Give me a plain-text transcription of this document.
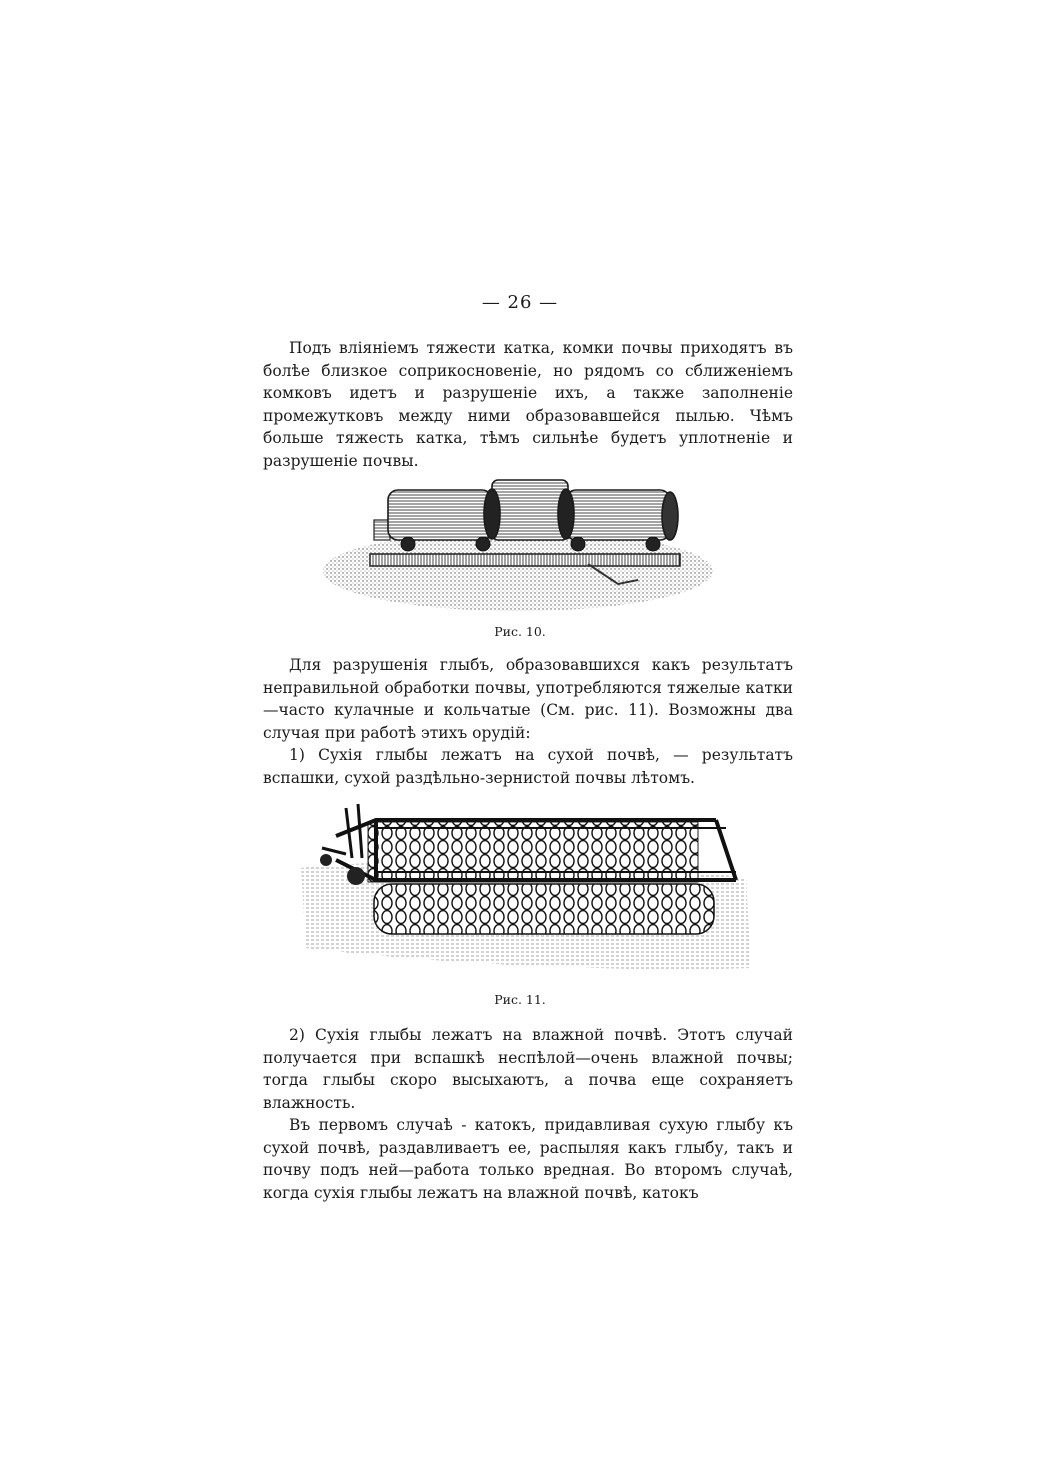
— 26 —

Подъ вліяніемъ тяжести катка, комки почвы приходятъ въ болѣе близкое соприкосновеніе, но рядомъ со сближеніемъ комковъ идетъ и разрушеніе ихъ, а также заполненіе промежутковъ между ними образовавшейся пылью. Чѣмъ больше тяжесть катка, тѣмъ сильнѣе будетъ уплотненіе и разрушеніе почвы.

Рис. 10.

Для разрушенія глыбъ, образовавшихся какъ результатъ неправильной обработки почвы, употребляются тяжелые катки—часто кулачные и кольчатые (См. рис. 11). Возможны два случая при работѣ этихъ орудій:

1) Сухія глыбы лежатъ на сухой почвѣ, — результатъ вспашки, сухой раздѣльно-зернистой почвы лѣтомъ.

Рис. 11.

2) Сухія глыбы лежатъ на влажной почвѣ. Этотъ случай получается при вспашкѣ неспѣлой—очень влажной почвы; тогда глыбы скоро высыхаютъ, а почва еще сохраняетъ влажность.

Въ первомъ случаѣ - катокъ, придавливая сухую глыбу къ сухой почвѣ, раздавливаетъ ее, распыляя какъ глыбу, такъ и почву подъ ней—работа только вредная. Во второмъ случаѣ, когда сухія глыбы лежатъ на влажной почвѣ, катокъ
